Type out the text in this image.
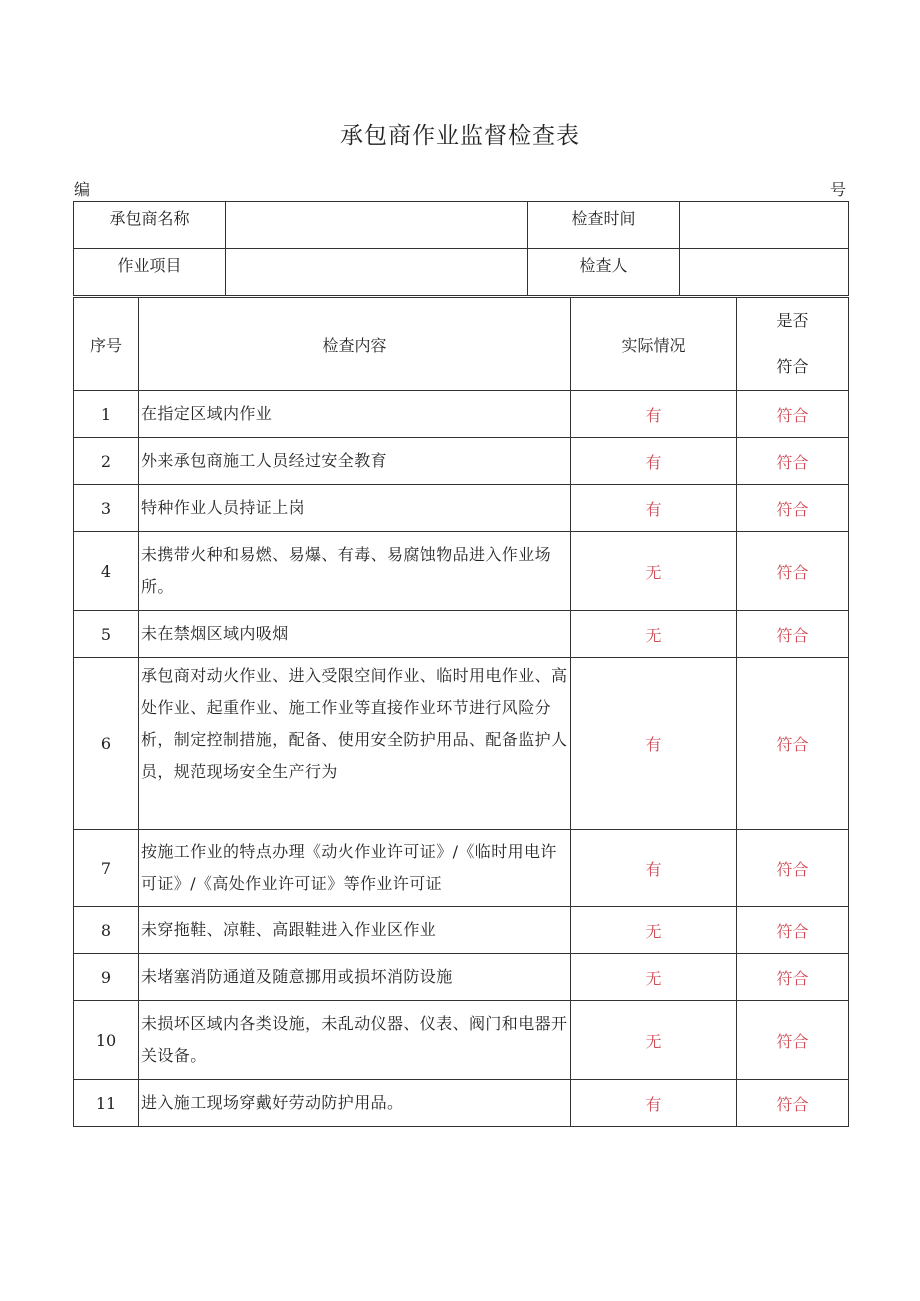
承包商作业监督检查表
编	号
承包商名称		检查时间	
作业项目		检查人	
序号	检查内容	实际情况	是否
符合

1	在指定区域内作业	有	符合
2	外来承包商施工人员经过安全教育	有	符合
3	特种作业人员持证上岗	有	符合
4	未携带火种和易燃、易爆、有毒、易腐蚀物品进入作业场所。	无	符合
5	未在禁烟区域内吸烟	无	符合
6	承包商对动火作业、进入受限空间作业、临时用电作业、高处作业、起重作业、施工作业等直接作业环节进行风险分析，制定控制措施，配备、使用安全防护用品、配备监护人员，规范现场安全生产行为	有	符合
7	按施工作业的特点办理《动火作业许可证》/《临时用电许可证》/《高处作业许可证》等作业许可证	有	符合
8	未穿拖鞋、凉鞋、高跟鞋进入作业区作业	无	符合
9	未堵塞消防通道及随意挪用或损坏消防设施	无	符合
10	未损坏区域内各类设施，未乱动仪器、仪表、阀门和电器开关设备。	无	符合
11	进入施工现场穿戴好劳动防护用品。	有	符合
